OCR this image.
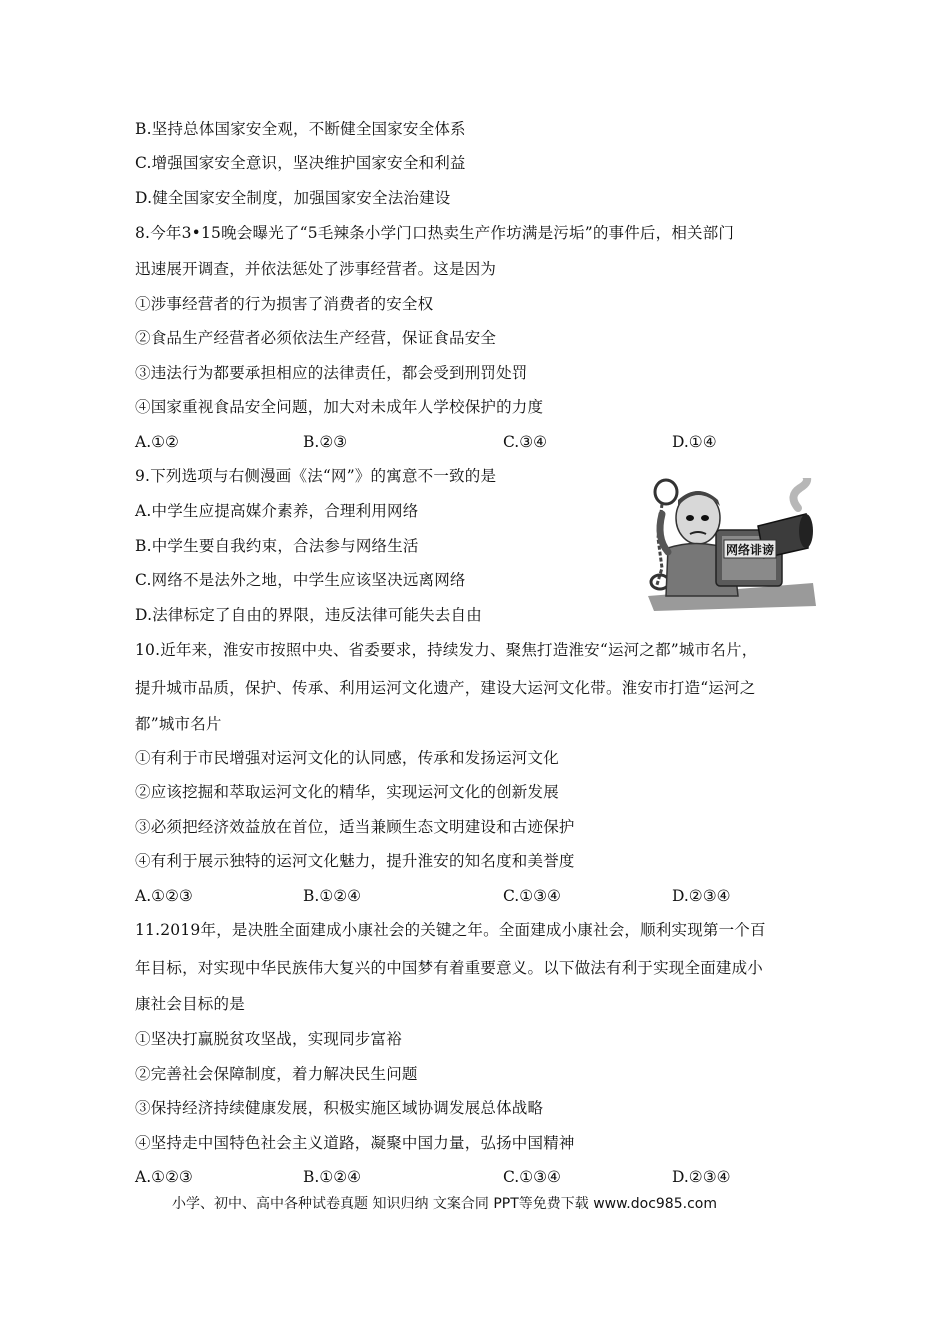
B.坚持总体国家安全观，不断健全国家安全体系
C.增强国家安全意识，坚决维护国家安全和利益
D.健全国家安全制度，加强国家安全法治建设
8.今年3•15晚会曝光了“5毛辣条小学门口热卖生产作坊满是污垢”的事件后，相关部门
迅速展开调查，并依法惩处了涉事经营者。这是因为
①涉事经营者的行为损害了消费者的安全权
②食品生产经营者必须依法生产经营，保证食品安全
③违法行为都要承担相应的法律责任，都会受到刑罚处罚
④国家重视食品安全问题，加大对未成年人学校保护的力度
A.①②	B.②③	C.③④	D.①④
9.下列选项与右侧漫画《法“网”》的寓意不一致的是
A.中学生应提高媒介素养，合理利用网络
B.中学生要自我约束，合法参与网络生活
C.网络不是法外之地，中学生应该坚决远离网络
D.法律标定了自由的界限，违反法律可能失去自由
网络诽谤
10.近年来，淮安市按照中央、省委要求，持续发力、聚焦打造淮安“运河之都”城市名片，
提升城市品质，保护、传承、利用运河文化遗产，建设大运河文化带。淮安市打造“运河之
都”城市名片
①有利于市民增强对运河文化的认同感，传承和发扬运河文化
②应该挖掘和萃取运河文化的精华，实现运河文化的创新发展
③必须把经济效益放在首位，适当兼顾生态文明建设和古迹保护
④有利于展示独特的运河文化魅力，提升淮安的知名度和美誉度
A.①②③	B.①②④	C.①③④	D.②③④
11.2019年，是决胜全面建成小康社会的关键之年。全面建成小康社会，顺利实现第一个百
年目标，对实现中华民族伟大复兴的中国梦有着重要意义。以下做法有利于实现全面建成小
康社会目标的是
①坚决打赢脱贫攻坚战，实现同步富裕
②完善社会保障制度，着力解决民生问题
③保持经济持续健康发展，积极实施区域协调发展总体战略
④坚持走中国特色社会主义道路，凝聚中国力量，弘扬中国精神
A.①②③	B.①②④	C.①③④	D.②③④
小学、初中、高中各种试卷真题 知识归纳 文案合同 PPT等免费下载 www.doc985.com
